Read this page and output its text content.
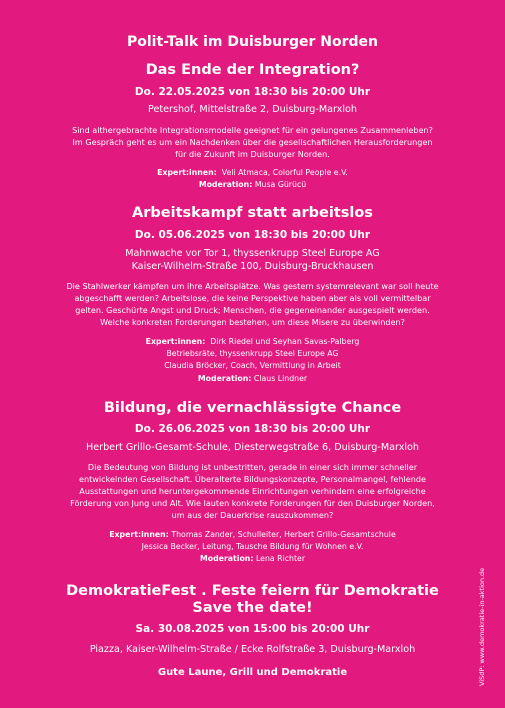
Polit-Talk im Duisburger Norden
Das Ende der Integration?
Do. 22.05.2025 von 18:30 bis 20:00 Uhr
Petershof, Mittelstraße 2, Duisburg-Marxloh
Sind althergebrachte Integrationsmodelle geeignet für ein gelungenes Zusammenleben?
Im Gespräch geht es um ein Nachdenken über die gesellschaftlichen Herausforderungen
für die Zukunft im Duisburger Norden.
Expert:innen: Veli Atmaca, Colorful People e.V.
Moderation: Musa Gürücü
Arbeitskampf statt arbeitslos
Do. 05.06.2025 von 18:30 bis 20:00 Uhr
Mahnwache vor Tor 1, thyssenkrupp Steel Europe AG
Kaiser-Wilhelm-Straße 100, Duisburg-Bruckhausen
Die Stahlwerker kämpfen um ihre Arbeitsplätze. Was gestern systemrelevant war soll heute
abgeschafft werden? Arbeitslose, die keine Perspektive haben aber als voll vermittelbar
gelten. Geschürte Angst und Druck; Menschen, die gegeneinander ausgespielt werden.
Welche konkreten Forderungen bestehen, um diese Misere zu überwinden?
Expert:innen: Dirk Riedel und Seyhan Savas-Palberg
Betriebsräte, thyssenkrupp Steel Europe AG
Claudia Bröcker, Coach, Vermittlung in Arbeit
Moderation: Claus Lindner
Bildung, die vernachlässigte Chance
Do. 26.06.2025 von 18:30 bis 20:00 Uhr
Herbert Grillo-Gesamt-Schule, Diesterwegstraße 6, Duisburg-Marxloh
Die Bedeutung von Bildung ist unbestritten, gerade in einer sich immer schneller
entwickelnden Gesellschaft. Überalterte Bildungskonzepte, Personalmangel, fehlende
Ausstattungen und heruntergekommende Einrichtungen verhindern eine erfolgreiche
Förderung von Jung und Alt. Wie lauten konkrete Forderungen für den Duisburger Norden,
um aus der Dauerkrise rauszukommen?
Expert:innen: Thomas Zander, Schulleiter, Herbert Grillo-Gesamtschule
Jessica Becker, Leitung, Tausche Bildung für Wohnen e.V.
Moderation: Lena Richter
DemokratieFest . Feste feiern für Demokratie
Save the date!
Sa. 30.08.2025 von 15:00 bis 20:00 Uhr
Piazza, Kaiser-Wilhelm-Straße / Ecke Rolfstraße 3, Duisburg-Marxloh
Gute Laune, Grill und Demokratie	ViSdP: www.demokratie-in-aktion.de
